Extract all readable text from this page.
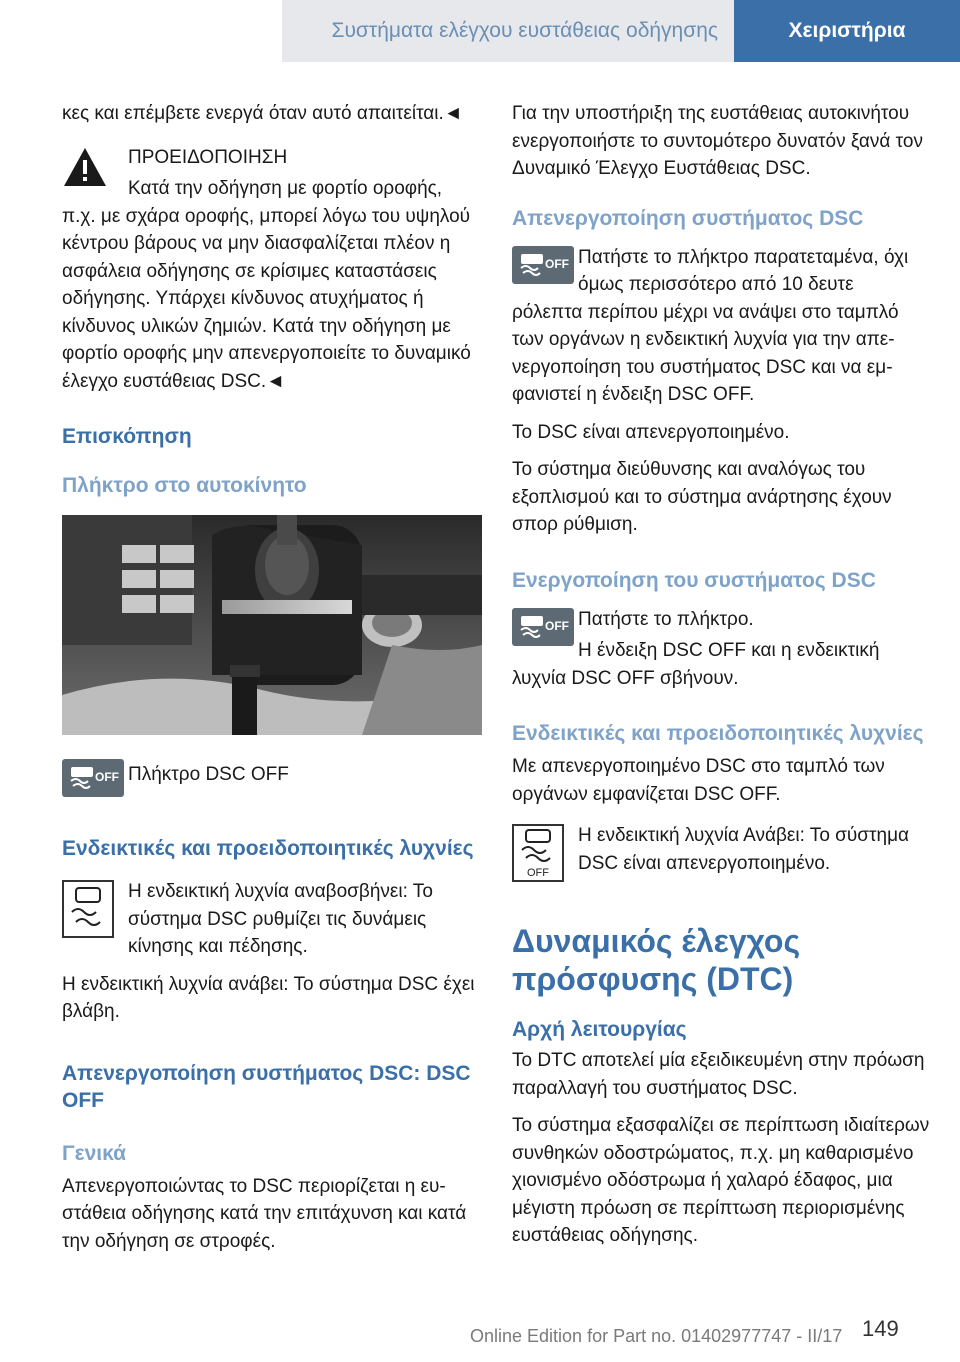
Συστήματα ελέγχου ευστάθειας οδήγησης	Χειριστήρια

κες και επέμβετε ενεργά όταν αυτό απαιτείται.◄

ΠΡΟΕΙΔΟΠΟΙΗΣΗ

Κατά την οδήγηση με φορτίο οροφής,

π.χ. με σχάρα οροφής, μπορεί λόγω του υψηλού κέντρου βάρους να μην διασφαλίζεται πλέον η ασφάλεια οδήγησης σε κρίσιμες καταστάσεις οδήγησης. Υπάρχει κίνδυνος ατυχήματος ή κίνδυνος υλικών ζημιών. Κατά την οδήγηση με φορτίο οροφής μην απενεργοποιείτε το δυναμικό έλεγχο ευστάθειας DSC.◄

Επισκόπηση
Πλήκτρο στο αυτοκίνητο
OFF Πλήκτρο DSC OFF

Ενδεικτικές και προειδοποιητικές λυχνίες

Η ενδεικτική λυχνία αναβοσβήνει: Το σύστημα DSC ρυθμίζει τις δυνάμεις κίνησης και πέδησης.

Η ενδεικτική λυχνία ανάβει: Το σύστημα DSC έχει βλάβη.

Απενεργοποίηση συστήματος DSC: DSC OFF
Γενικά

Απενεργοποιώντας το DSC περιορίζεται η ευστάθεια οδήγησης κατά την επιτάχυνση και κατά την οδήγηση σε στροφές.

Για την υποστήριξη της ευστάθειας αυτοκινήτου ενεργοποιήστε το συντομότερο δυνατόν ξανά τον Δυναμικό Έλεγχο Ευστάθειας DSC.

Απενεργοποίηση συστήματος DSC
OFF Πατήστε το πλήκτρο παρατεταμένα, όχι όμως περισσότερο από 10 δευτε

ρόλεπτα περίπου μέχρι να ανάψει στο ταμπλό των οργάνων η ενδεικτική λυχνία για την απενεργοποίηση του συστήματος DSC και να εμφανιστεί η ένδειξη DSC OFF.

Το DSC είναι απενεργοποιημένο.

Το σύστημα διεύθυνσης και αναλόγως του εξοπλισμού και το σύστημα ανάρτησης έχουν σπορ ρύθμιση.

Ενεργοποίηση του συστήματος DSC
OFF Πατήστε το πλήκτρο.

Η ένδειξη DSC OFF και η ενδεικτική

λυχνία DSC OFF σβήνουν.

Ενδεικτικές και προειδοποιητικές λυχνίες

Με απενεργοποιημένο DSC στο ταμπλό των οργάνων εμφανίζεται DSC OFF.

OFF

Η ενδεικτική λυχνία Ανάβει: Το σύστημα DSC είναι απενεργοποιημένο.

Δυναμικός έλεγχος πρόσφυσης (DTC)
Αρχή λειτουργίας

Το DTC αποτελεί μία εξειδικευμένη στην πρόωση παραλλαγή του συστήματος DSC.

Το σύστημα εξασφαλίζει σε περίπτωση ιδιαίτερων συνθηκών οδοστρώματος, π.χ. μη καθαρισμένο χιονισμένο οδόστρωμα ή χαλαρό έδαφος, μια μέγιστη πρόωση σε περίπτωση περιορισμένης ευστάθειας οδήγησης.

149
Online Edition for Part no. 01402977747 - II/17
